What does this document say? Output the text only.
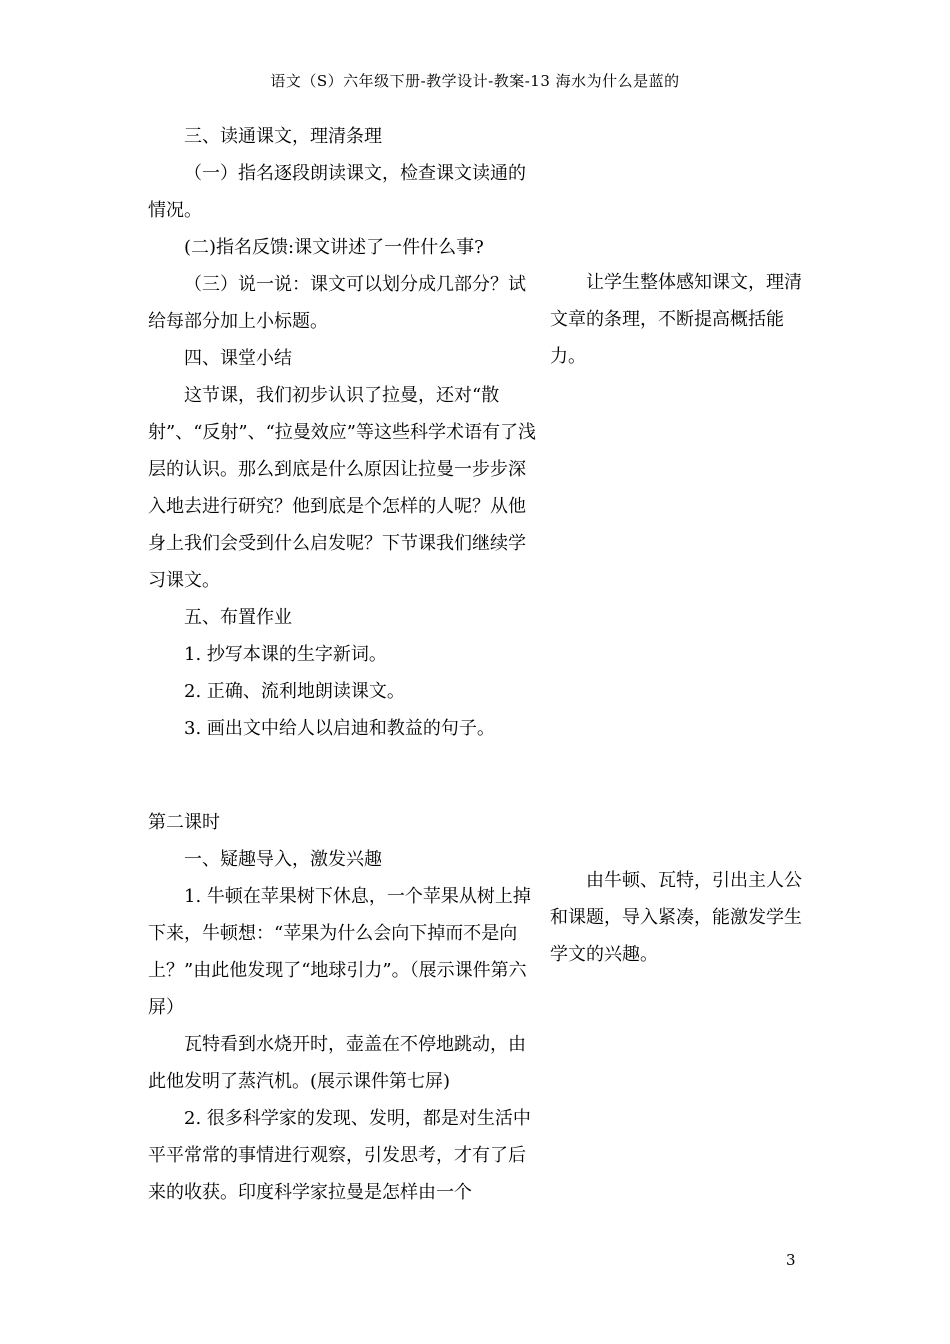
语文（S）六年级下册-教学设计-教案-13 海水为什么是蓝的

三、读通课文，理清条理

（一）指名逐段朗读课文，检查课文读通的情况。

(二)指名反馈:课文讲述了一件什么事?

（三）说一说：课文可以划分成几部分？试给每部分加上小标题。

四、课堂小结

这节课，我们初步认识了拉曼，还对“散射”、“反射”、“拉曼效应”等这些科学术语有了浅层的认识。那么到底是什么原因让拉曼一步步深入地去进行研究？他到底是个怎样的人呢？从他身上我们会受到什么启发呢？下节课我们继续学习课文。

五、布置作业

1. 抄写本课的生字新词。

2. 正确、流利地朗读课文。

3. 画出文中给人以启迪和教益的句子。

第二课时

一、疑趣导入，激发兴趣

1. 牛顿在苹果树下休息，一个苹果从树上掉下来，牛顿想：“苹果为什么会向下掉而不是向上？”由此他发现了“地球引力”。（展示课件第六屏）

瓦特看到水烧开时，壶盖在不停地跳动，由此他发明了蒸汽机。(展示课件第七屏)

2. 很多科学家的发现、发明，都是对生活中平平常常的事情进行观察，引发思考，才有了后来的收获。印度科学家拉曼是怎样由一个

让学生整体感知课文，理清文章的条理，不断提高概括能力。

由牛顿、瓦特，引出主人公和课题，导入紧凑，能激发学生学文的兴趣。

3
